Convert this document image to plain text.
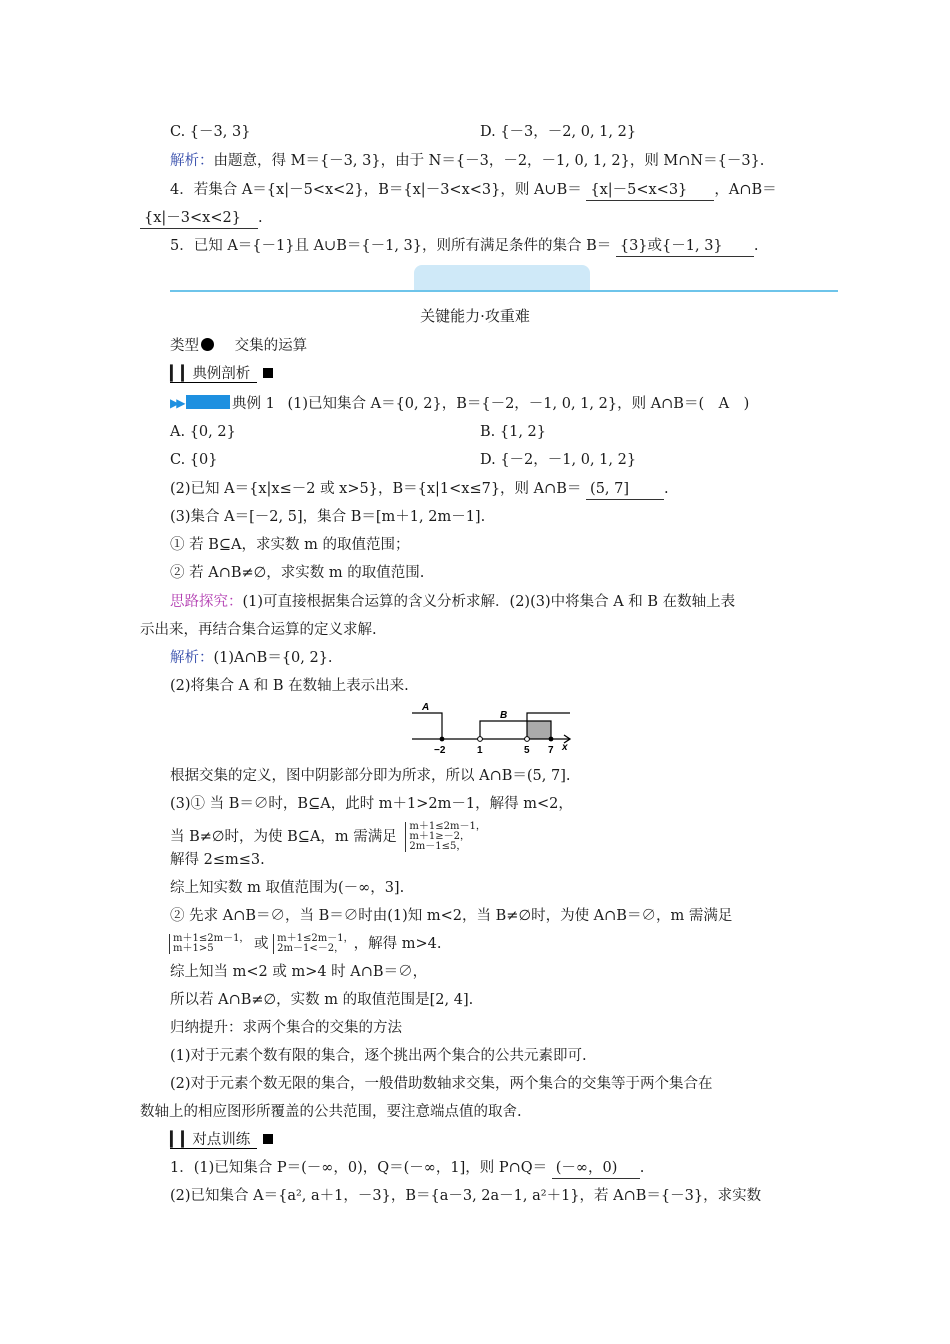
C. {－3, 3}	D. {－3，－2, 0, 1, 2}
解析：由题意，得 M＝{－3, 3}，由于 N＝{－3，－2，－1, 0, 1, 2}，则 M∩N＝{－3}.
4．若集合 A＝{x|－5<x<2}，B＝{x|－3<x<3}，则 A∪B＝ {x|－5<x<3} ，A∩B＝
{x|－3<x<2} .
5．已知 A＝{－1}且 A∪B＝{－1, 3}，则所有满足条件的集合 B＝ {3}或{－1, 3} .
关键能力·攻重难
类型 交集的运算
▎▎典例剖析
▶▶	典例 1 (1)已知集合 A＝{0, 2}，B＝{－2，－1, 0, 1, 2}，则 A∩B＝(　A　)
A. {0, 2}	B. {1, 2}
C. {0}	D. {－2，－1, 0, 1, 2}
(2)已知 A＝{x|x≤－2 或 x>5}，B＝{x|1<x≤7}，则 A∩B＝ (5, 7] .
(3)集合 A＝[－2, 5]，集合 B＝[m＋1, 2m－1].
① 若 B⊆A，求实数 m 的取值范围；
② 若 A∩B≠∅，求实数 m 的取值范围.
思路探究：(1)可直接根据集合运算的含义分析求解．(2)(3)中将集合 A 和 B 在数轴上表
示出来，再结合集合运算的定义求解.
解析：(1)A∩B＝{0, 2}.
(2)将集合 A 和 B 在数轴上表示出来.
A
B
−2	1	5 7 x
根据交集的定义，图中阴影部分即为所求，所以 A∩B＝(5, 7].
(3)① 当 B＝∅时，B⊆A，此时 m＋1>2m－1，解得 m<2，
当 B≠∅时，为使 B⊆A，m 需满足
m＋1≤2m－1，
m＋1≥－2，
2m－1≤5，
解得 2≤m≤3.
综上知实数 m 取值范围为(－∞，3].
② 先求 A∩B＝∅，当 B＝∅时由(1)知 m<2，当 B≠∅时，为使 A∩B＝∅，m 需满足
m＋1≤2m－1，
m＋1>5	或 m＋1≤2m－1，
2m－1<－2， ，解得 m>4.
综上知当 m<2 或 m>4 时 A∩B＝∅，
所以若 A∩B≠∅，实数 m 的取值范围是[2, 4].
归纳提升：求两个集合的交集的方法
(1)对于元素个数有限的集合，逐个挑出两个集合的公共元素即可.
(2)对于元素个数无限的集合，一般借助数轴求交集，两个集合的交集等于两个集合在
数轴上的相应图形所覆盖的公共范围，要注意端点值的取舍.
▎▎对点训练
1．(1)已知集合 P＝(－∞，0)，Q＝(－∞，1]，则 P∩Q＝ (－∞，0) .
(2)已知集合 A＝{a², a＋1，－3}，B＝{a－3, 2a－1, a²＋1}，若 A∩B＝{－3}，求实数
